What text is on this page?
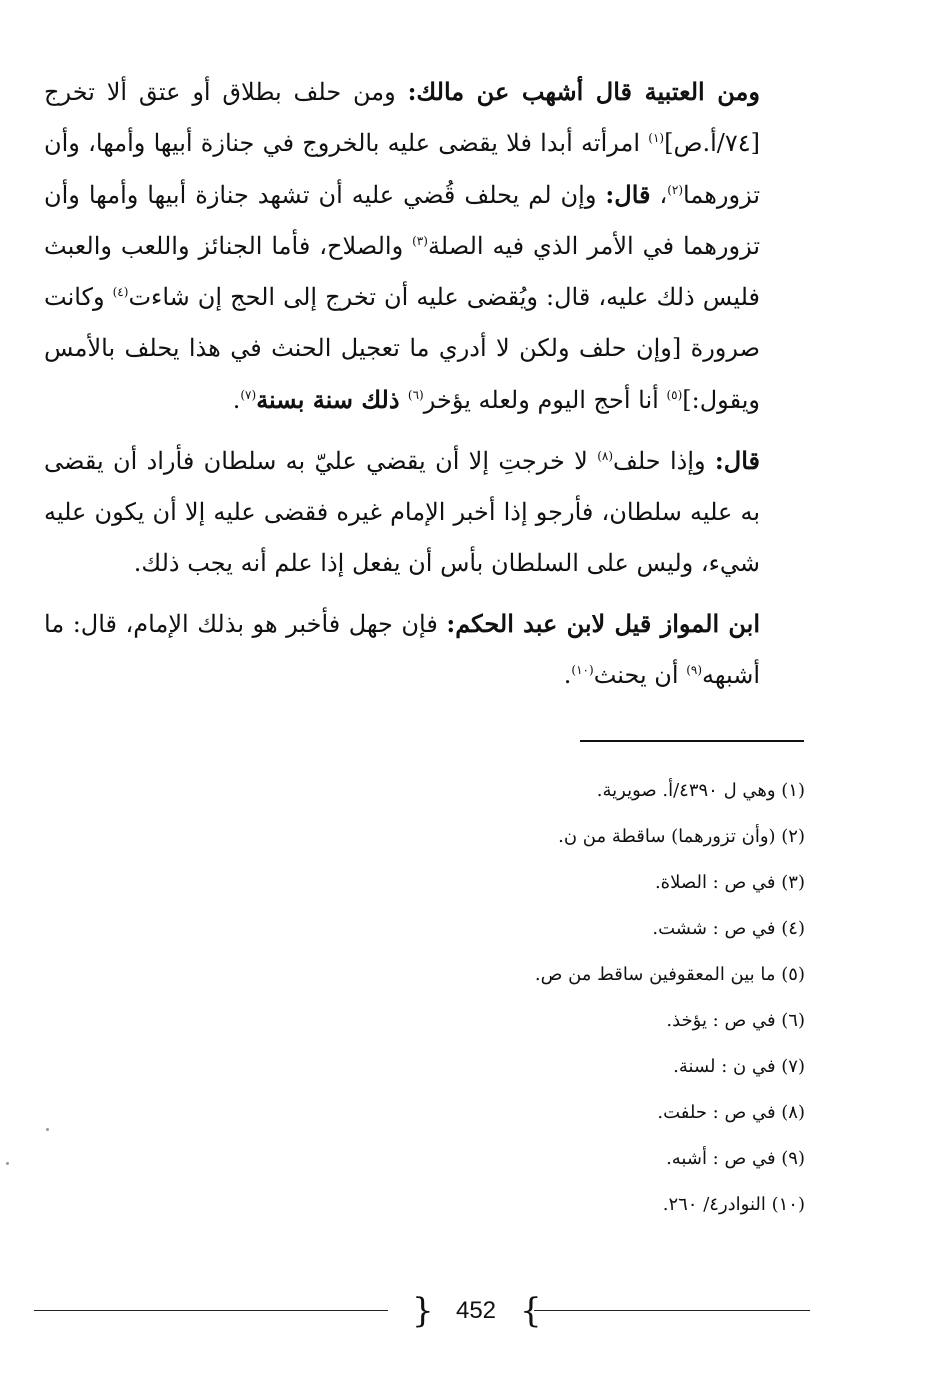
ومن العتبية قال أشهب عن مالك: ومن حلف بطلاق أو عتق ألا تخرج [٧٤/أ.ص]$^{(١)}$ امرأته أبدا فلا يقضى عليه بالخروج في جنازة أبيها وأمها، وأن تزورهما$^{(٢)}$، قال: وإن لم يحلف قُضي عليه أن تشهد جنازة أبيها وأمها وأن تزورهما في الأمر الذي فيه الصلة$^{(٣)}$ والصلاح، فأما الجنائز واللعب والعبث فليس ذلك عليه، قال: ويُقضى عليه أن تخرج إلى الحج إن شاءت$^{(٤)}$ وكانت صرورة [وإن حلف ولكن لا أدري ما تعجيل الحنث في هذا يحلف بالأمس ويقول:]$^{(٥)}$ أنا أحج اليوم ولعله يؤخر$^{(٦)}$ ذلك سنة بسنة$^{(٧)}$.

قال: وإذا حلف$^{(٨)}$ لا خرجتِ إلا أن يقضي عليّ به سلطان فأراد أن يقضى به عليه سلطان، فأرجو إذا أخبر الإمام غيره فقضى عليه إلا أن يكون عليه شيء، وليس على السلطان بأس أن يفعل إذا علم أنه يجب ذلك.

ابن المواز قيل لابن عبد الحكم: فإن جهل فأخبر هو بذلك الإمام، قال: ما أشبهه$^{(٩)}$ أن يحنث$^{(١٠)}$.

(١) وهي ل ٤٣٩٠/أ. صويرية.

(٢) (وأن تزورهما) ساقطة من ن.

(٣) في ص : الصلاة.

(٤) في ص : ششت.

(٥) ما بين المعقوفين ساقط من ص.

(٦) في ص : يؤخذ.

(٧) في ن : لسنة.

(٨) في ص : حلفت.

(٩) في ص : أشبه.

(١٠) النوادر٤/ ٢٦٠.

{ 452 }
